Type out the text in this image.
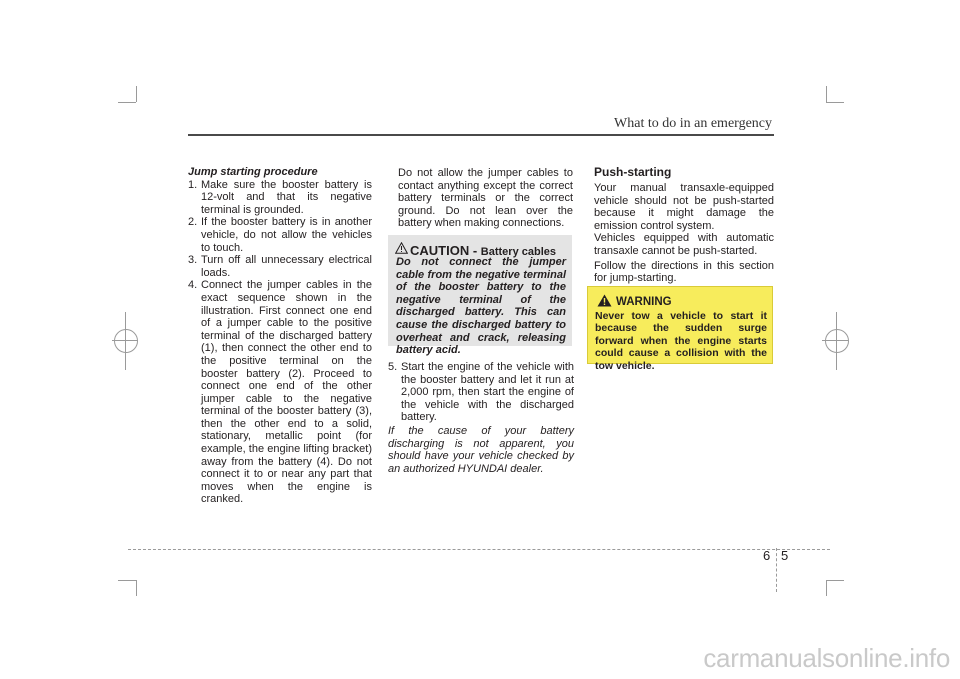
What to do in an emergency

Jump starting procedure

1. Make sure the booster battery is 12-volt and that its negative terminal is grounded.
2. If the booster battery is in another vehicle, do not allow the vehicles to touch.
3. Turn off all unnecessary electrical loads.
4. Connect the jumper cables in the exact sequence shown in the illustration. First connect one end of a jumper cable to the positive terminal of the discharged battery (1), then connect the other end to the positive terminal on the booster battery (2). Proceed to connect one end of the other jumper cable to the negative terminal of the booster battery (3), then the other end to a solid, stationary, metallic point (for example, the engine lifting bracket) away from the battery (4). Do not connect it to or near any part that moves when the engine is cranked.

Do not allow the jumper cables to contact anything except the correct battery terminals or the correct ground. Do not lean over the battery when making connections.

CAUTION - Battery cables
Do not connect the jumper cable from the negative terminal of the booster battery to the negative terminal of the discharged battery. This can cause the discharged battery to overheat and crack, releasing battery acid.
5. Start the engine of the vehicle with the booster battery and let it run at 2,000 rpm, then start the engine of the vehicle with the discharged battery.

If the cause of your battery discharging is not apparent, you should have your vehicle checked by an authorized HYUNDAI dealer.

Push-starting

Your manual transaxle-equipped vehicle should not be push-started because it might damage the emission control system.

Vehicles equipped with automatic transaxle cannot be push-started.

Follow the directions in this section for jump-starting.

WARNING
Never tow a vehicle to start it because the sudden surge forward when the engine starts could cause a collision with the tow vehicle.
6 5
carmanualsonline.info
